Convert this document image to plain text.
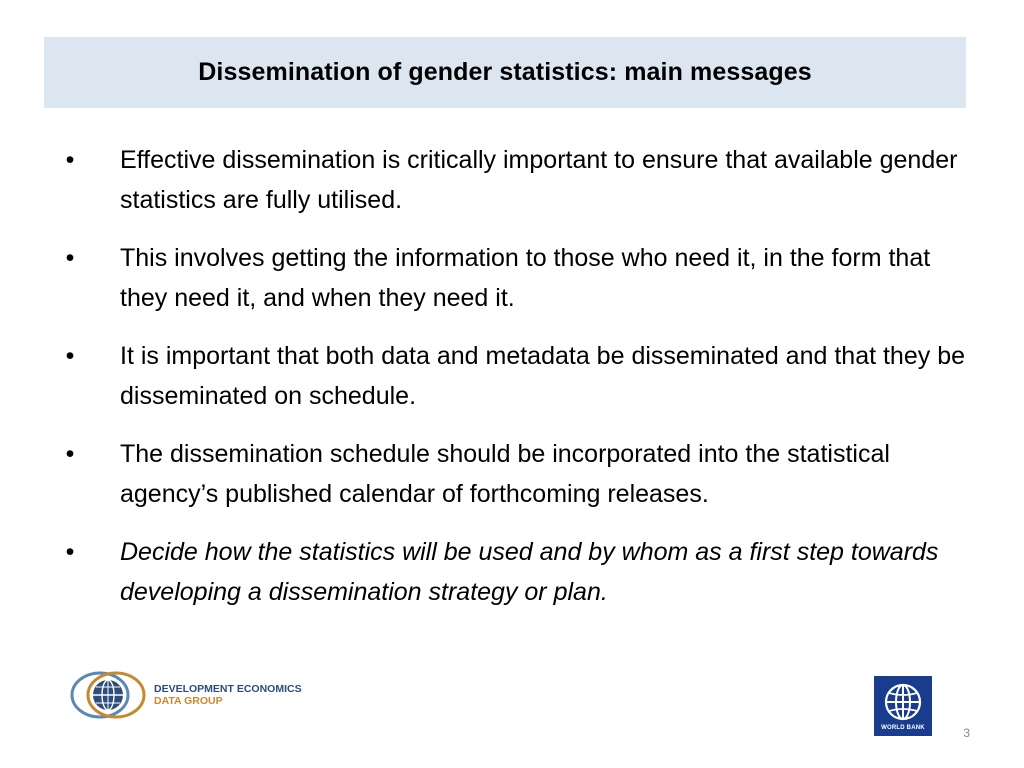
Dissemination of gender statistics: main messages
• Effective dissemination is critically important to ensure that available gender statistics are fully utilised.
• This involves getting the information to those who need it, in the form that they need it, and when they need it.
• It is important that both data and metadata be disseminated and that they be disseminated on schedule.
• The dissemination schedule should be incorporated into the statistical agency’s published calendar of forthcoming releases.
• Decide how the statistics will be used and by whom as a first step towards developing a dissemination strategy or plan.
DEVELOPMENT ECONOMICS
DATA GROUP
WORLD BANK	3
